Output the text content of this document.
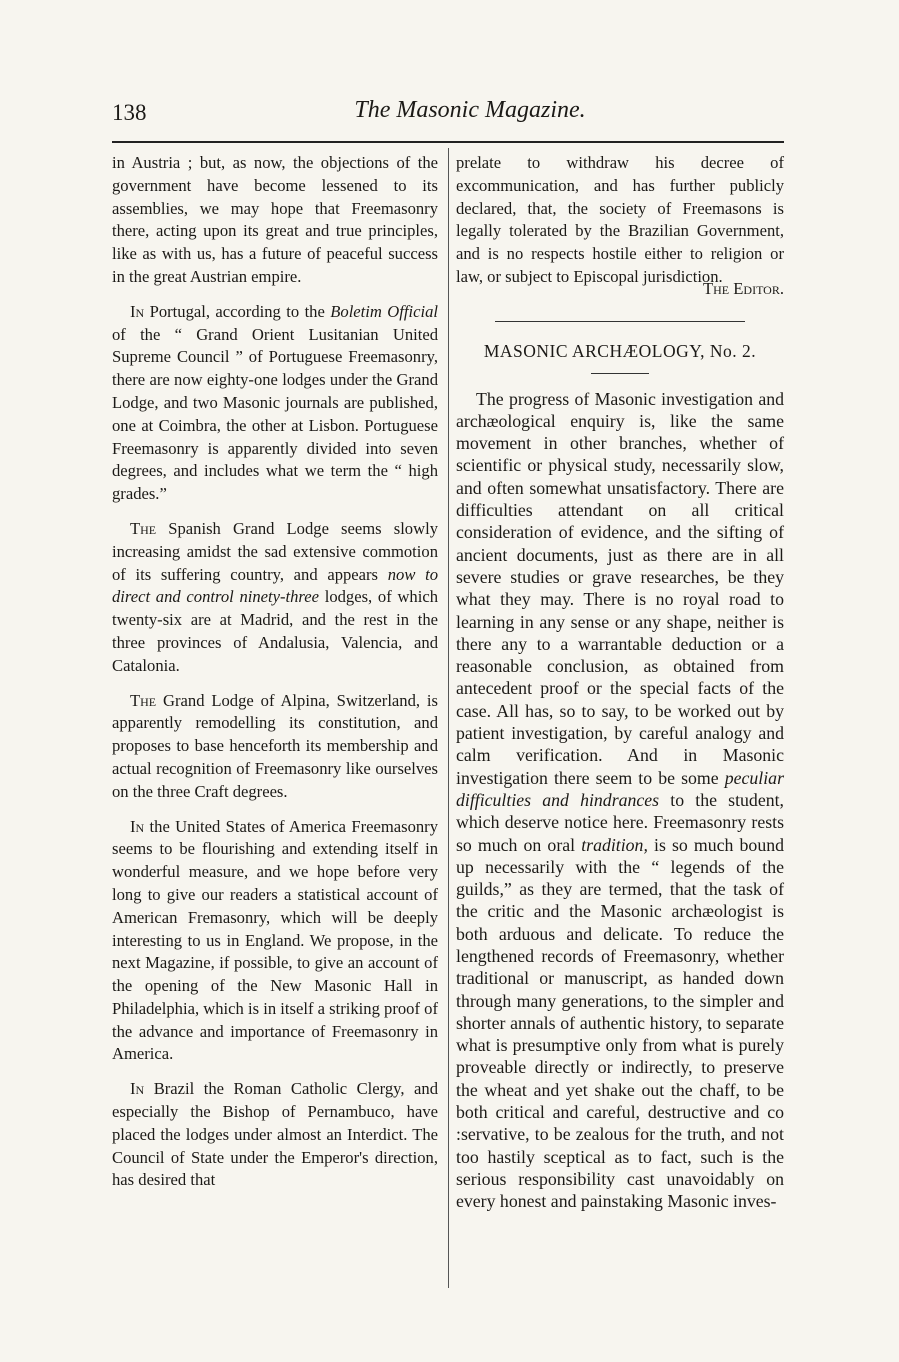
138	The Masonic Magazine.

in Austria ; but, as now, the objections of the government have become lessened to its assemblies, we may hope that Freemasonry there, acting upon its great and true principles, like as with us, has a future of peaceful success in the great Austrian empire.

In Portugal, according to the Boletim Official of the “ Grand Orient Lusitanian United Supreme Council ” of Portuguese Freemasonry, there are now eighty-one lodges under the Grand Lodge, and two Masonic journals are published, one at Coimbra, the other at Lisbon. Portuguese Freemasonry is apparently divided into seven degrees, and includes what we term the “ high grades.”

The Spanish Grand Lodge seems slowly increasing amidst the sad extensive commotion of its suffering country, and appears now to direct and control ninety-three lodges, of which twenty-six are at Madrid, and the rest in the three provinces of Andalusia, Valencia, and Catalonia.

The Grand Lodge of Alpina, Switzerland, is apparently remodelling its constitution, and proposes to base henceforth its membership and actual recognition of Freemasonry like ourselves on the three Craft degrees.

In the United States of America Freemasonry seems to be flourishing and extending itself in wonderful measure, and we hope before very long to give our readers a statistical account of American Fremasonry, which will be deeply interesting to us in England. We propose, in the next Magazine, if possible, to give an account of the opening of the New Masonic Hall in Philadelphia, which is in itself a striking proof of the advance and importance of Freemasonry in America.

In Brazil the Roman Catholic Clergy, and especially the Bishop of Pernambuco, have placed the lodges under almost an Interdict. The Council of State under the Emperor's direction, has desired that

prelate to withdraw his decree of excommunication, and has further publicly declared, that, the society of Freemasons is legally tolerated by the Brazilian Government, and is no respects hostile either to religion or law, or subject to Episcopal jurisdiction.

The Editor.

MASONIC ARCHÆOLOGY, No. 2.

The progress of Masonic investigation and archæological enquiry is, like the same movement in other branches, whether of scientific or physical study, necessarily slow, and often somewhat unsatisfactory. There are difficulties attendant on all critical consideration of evidence, and the sifting of ancient documents, just as there are in all severe studies or grave researches, be they what they may. There is no royal road to learning in any sense or any shape, neither is there any to a warrantable deduction or a reasonable conclusion, as obtained from antecedent proof or the special facts of the case. All has, so to say, to be worked out by patient investigation, by careful analogy and calm verification. And in Masonic investigation there seem to be some peculiar difficulties and hindrances to the student, which deserve notice here. Freemasonry rests so much on oral tradition, is so much bound up necessarily with the “ legends of the guilds,” as they are termed, that the task of the critic and the Masonic archæologist is both arduous and delicate. To reduce the lengthened records of Freemasonry, whether traditional or manuscript, as handed down through many generations, to the simpler and shorter annals of authentic history, to separate what is presumptive only from what is purely proveable directly or indirectly, to preserve the wheat and yet shake out the chaff, to be both critical and careful, destructive and co :servative, to be zealous for the truth, and not too hastily sceptical as to fact, such is the serious responsibility cast unavoidably on every honest and painstaking Masonic inves-
